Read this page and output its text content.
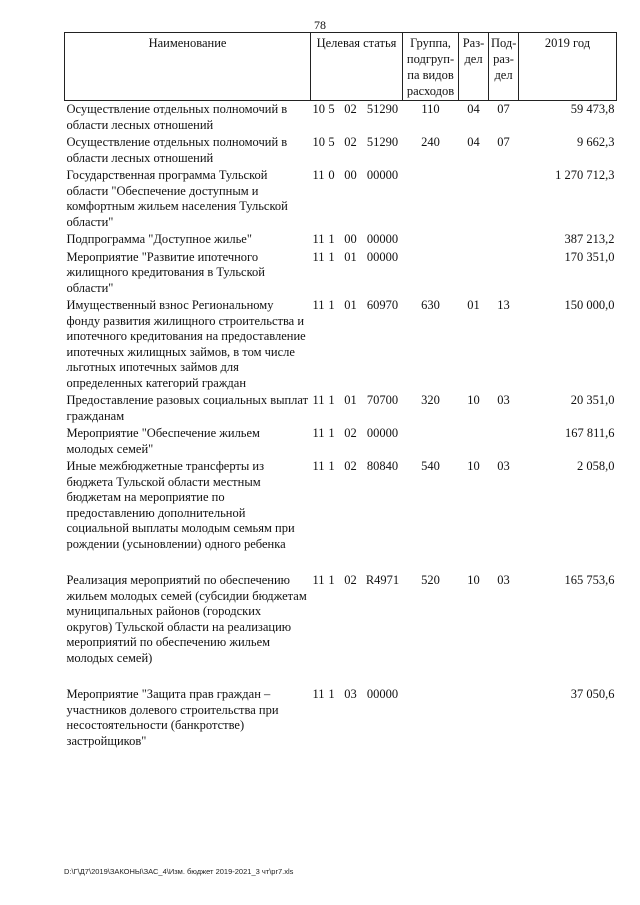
78
Наименование	Целевая статья				Группа, подгруп-па видов расходов	Раз-дел	Под-раз-дел	2019 год
Осуществление отдельных полномочий в области лесных отношений	10	5	02	51290	110	04	07	59 473,8
Осуществление отдельных полномочий в области лесных отношений	10	5	02	51290	240	04	07	9 662,3
Государственная программа Тульской области "Обеспечение доступным и комфортным жильем населения Тульской области"	11	0	00	00000				1 270 712,3
Подпрограмма "Доступное жилье"	11	1	00	00000				387 213,2
Мероприятие "Развитие ипотечного жилищного кредитования в Тульской области"	11	1	01	00000				170 351,0
Имущественный взнос Региональному фонду развития жилищного строительства и ипотечного кредитования на предоставление ипотечных жилищных займов, в том числе льготных ипотечных займов для определенных категорий граждан	11	1	01	60970	630	01	13	150 000,0
Предоставление разовых социальных выплат гражданам	11	1	01	70700	320	10	03	20 351,0
Мероприятие "Обеспечение жильем молодых семей"	11	1	02	00000				167 811,6
Иные межбюджетные трансферты из бюджета Тульской области местным бюджетам на мероприятие по предоставлению дополнительной социальной выплаты молодым семьям при рождении (усыновлении) одного ребенка	11	1	02	80840	540	10	03	2 058,0
Реализация мероприятий по обеспечению жильем молодых семей (субсидии бюджетам муниципальных районов (городских округов) Тульской области на реализацию мероприятий по обеспечению жильем молодых семей)	11	1	02	R4971	520	10	03	165 753,6
Мероприятие "Защита прав граждан – участников долевого строительства при несостоятельности (банкротстве) застройщиков"	11	1	03	00000				37 050,6
D:\Г\Д7\2019\ЗАКОНЫ\ЗАС_4\Изм. бюджет 2019-2021_3 чт\pr7.xls
